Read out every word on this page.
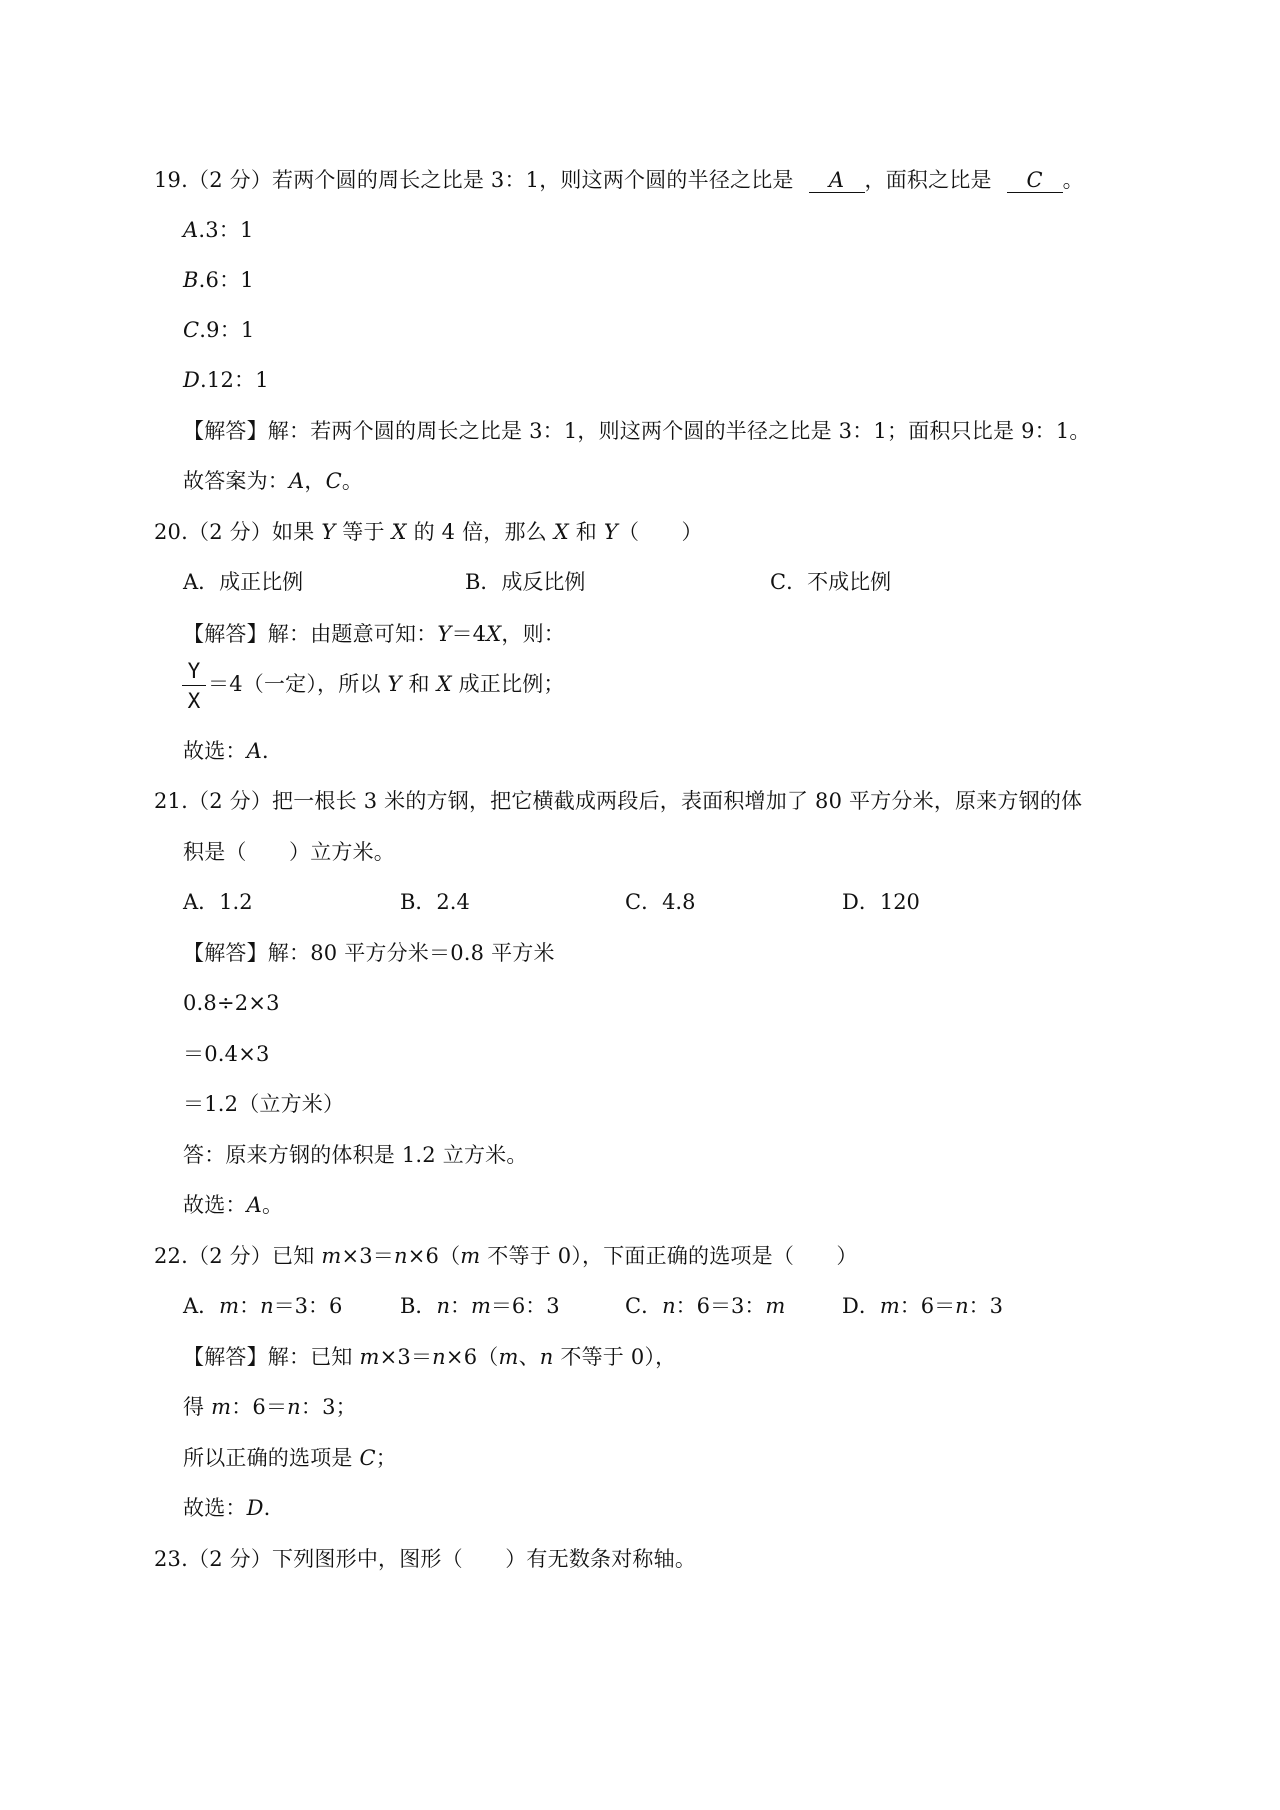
19.（2 分）若两个圆的周长之比是 3：1，则这两个圆的半径之比是 A ，面积之比是 C 。
A.3：1
B.6：1
C.9：1
D.12：1
【解答】解：若两个圆的周长之比是 3：1，则这两个圆的半径之比是 3：1；面积只比是 9：1。
故答案为：A，C。
20.（2 分）如果 Y 等于 X 的 4 倍，那么 X 和 Y（　　）
A．成正比例	B．成反比例	C．不成比例
【解答】解：由题意可知：Y＝4X，则：
Y
X
＝4（一定），所以 Y 和 X 成正比例；
故选：A．
21.（2 分）把一根长 3 米的方钢，把它横截成两段后，表面积增加了 80 平方分米，原来方钢的体
积是（　　）立方米。
A．1.2	B．2.4	C．4.8	D．120
【解答】解：80 平方分米＝0.8 平方米
0.8÷2×3
＝0.4×3
＝1.2（立方米）
答：原来方钢的体积是 1.2 立方米。
故选：A。
22.（2 分）已知 m×3＝n×6（m 不等于 0），下面正确的选项是（　　）
A．m：n＝3：6	B．n：m＝6：3	C．n：6＝3：m	D．m：6＝n：3
【解答】解：已知 m×3＝n×6（m、n 不等于 0），
得 m：6＝n：3；
所以正确的选项是 C；
故选：D.
23.（2 分）下列图形中，图形（　　）有无数条对称轴。
